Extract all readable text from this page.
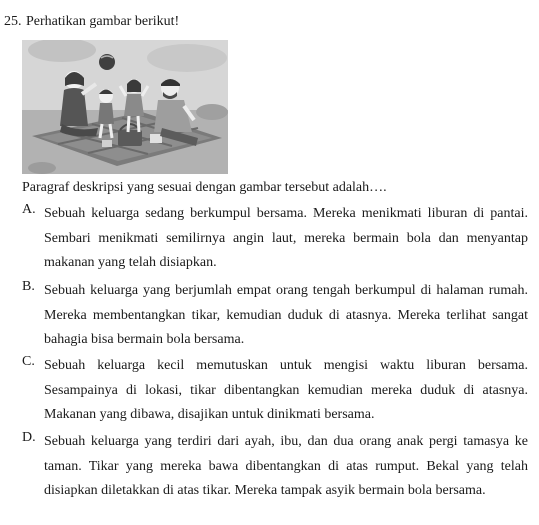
25. Perhatikan gambar berikut!
Paragraf deskripsi yang sesuai dengan gambar tersebut adalah….
A. Sebuah keluarga sedang berkumpul bersama. Mereka menikmati liburan di pantai. Sembari menikmati semilirnya angin laut, mereka bermain bola dan menyantap makanan yang telah disiapkan.
B. Sebuah keluarga yang berjumlah empat orang tengah berkumpul di halaman rumah. Mereka membentangkan tikar, kemudian duduk di atasnya. Mereka terlihat sangat bahagia bisa bermain bola bersama.
C. Sebuah keluarga kecil memutuskan untuk mengisi waktu liburan bersama. Sesampainya di lokasi, tikar dibentangkan kemudian mereka duduk di atasnya. Makanan yang dibawa, disajikan untuk dinikmati bersama.
D. Sebuah keluarga yang terdiri dari ayah, ibu, dan dua orang anak pergi tamasya ke taman. Tikar yang mereka bawa dibentangkan di atas rumput. Bekal yang telah disiapkan diletakkan di atas tikar. Mereka tampak asyik bermain bola bersama.
